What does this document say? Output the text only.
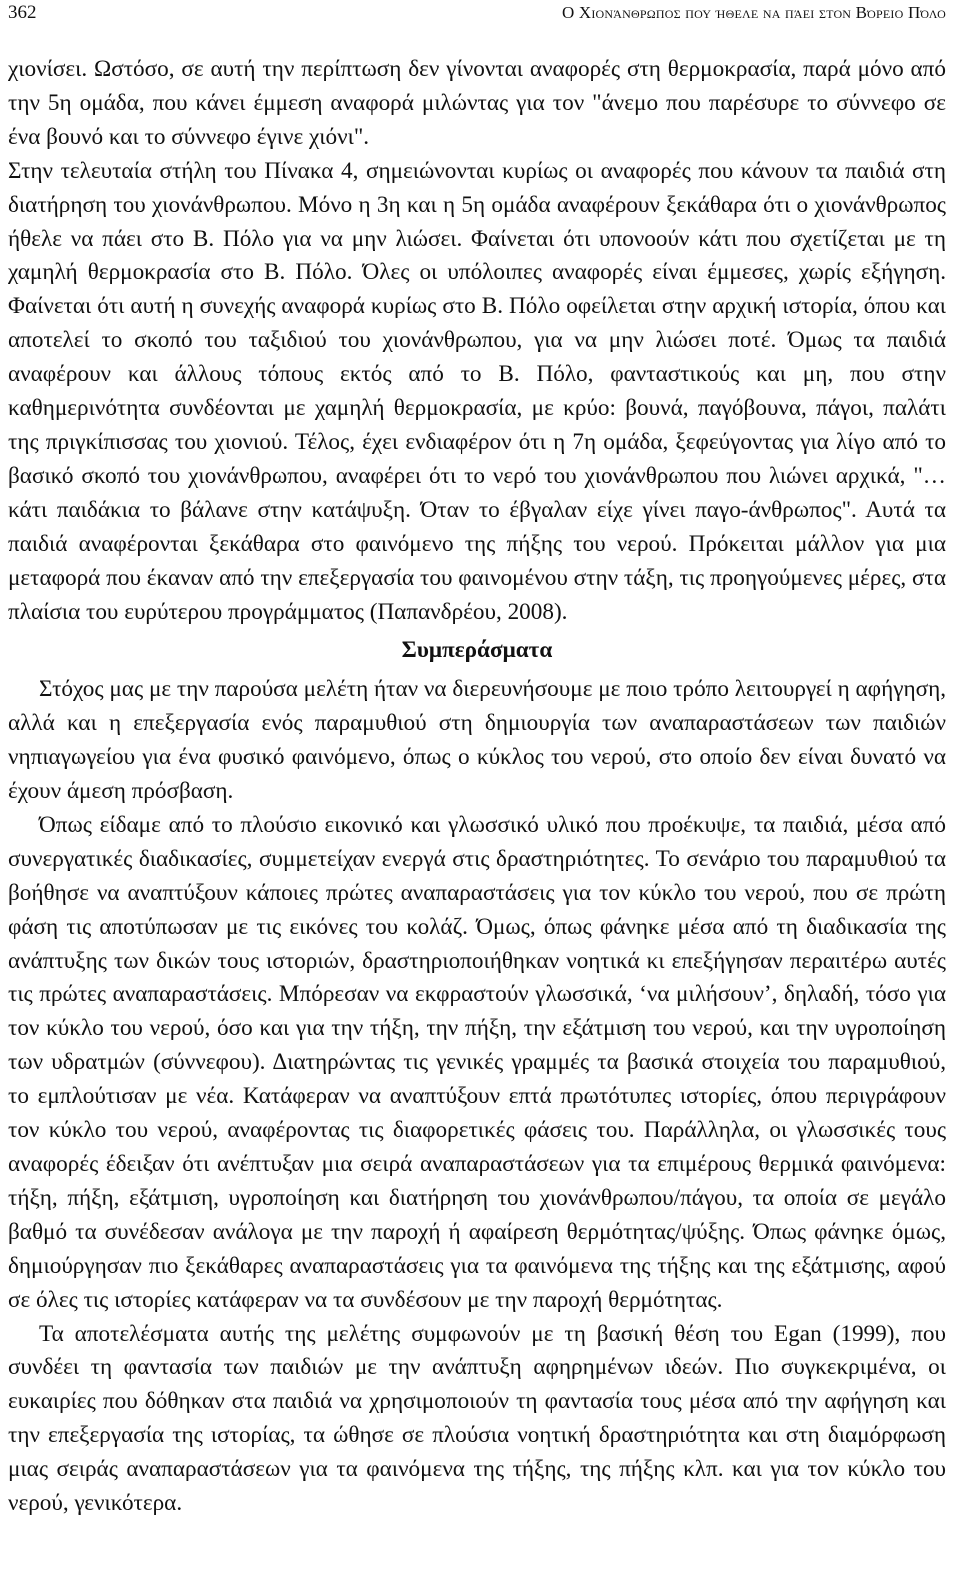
362	Ο Χιονάνθρωπος που ήθελε να πάει στον Βόρειο Πόλο

χιονίσει. Ωστόσο, σε αυτή την περίπτωση δεν γίνονται αναφορές στη θερμοκρασία, παρά μόνο από την 5η ομάδα, που κάνει έμμεση αναφορά μιλώντας για τον "άνεμο που παρέσυρε το σύννεφο σε ένα βουνό και το σύννεφο έγινε χιόνι".

Στην τελευταία στήλη του Πίνακα 4, σημειώνονται κυρίως οι αναφορές που κάνουν τα παιδιά στη διατήρηση του χιονάνθρωπου. Μόνο η 3η και η 5η ομάδα αναφέρουν ξεκάθαρα ότι ο χιονάνθρωπος ήθελε να πάει στο Β. Πόλο για να μην λιώσει. Φαίνεται ότι υπονοούν κάτι που σχετίζεται με τη χαμηλή θερμοκρασία στο Β. Πόλο. Όλες οι υπόλοιπες αναφορές είναι έμμεσες, χωρίς εξήγηση. Φαίνεται ότι αυτή η συνεχής αναφορά κυρίως στο Β. Πόλο οφείλεται στην αρχική ιστορία, όπου και αποτελεί το σκοπό του ταξιδιού του χιονάνθρωπου, για να μην λιώσει ποτέ. Όμως τα παιδιά αναφέρουν και άλλους τόπους εκτός από το Β. Πόλο, φανταστικούς και μη, που στην καθημερινότητα συνδέονται με χαμηλή θερμοκρασία, με κρύο: βουνά, παγόβουνα, πάγοι, παλάτι της πριγκίπισσας του χιονιού. Τέλος, έχει ενδιαφέρον ότι η 7η ομάδα, ξεφεύγοντας για λίγο από το βασικό σκοπό του χιονάνθρωπου, αναφέρει ότι το νερό του χιονάνθρωπου που λιώνει αρχικά, "…κάτι παιδάκια το βάλανε στην κατάψυξη. Όταν το έβγαλαν είχε γίνει παγο-άνθρωπος". Αυτά τα παιδιά αναφέρονται ξεκάθαρα στο φαινόμενο της πήξης του νερού. Πρόκειται μάλλον για μια μεταφορά που έκαναν από την επεξεργασία του φαινομένου στην τάξη, τις προηγούμενες μέρες, στα πλαίσια του ευρύτερου προγράμματος (Παπανδρέου, 2008).

Συμπεράσματα

Στόχος μας με την παρούσα μελέτη ήταν να διερευνήσουμε με ποιο τρόπο λειτουργεί η αφήγηση, αλλά και η επεξεργασία ενός παραμυθιού στη δημιουργία των αναπαραστάσεων των παιδιών νηπιαγωγείου για ένα φυσικό φαινόμενο, όπως ο κύκλος του νερού, στο οποίο δεν είναι δυνατό να έχουν άμεση πρόσβαση.

Όπως είδαμε από το πλούσιο εικονικό και γλωσσικό υλικό που προέκυψε, τα παιδιά, μέσα από συνεργατικές διαδικασίες, συμμετείχαν ενεργά στις δραστηριότητες. Το σενάριο του παραμυθιού τα βοήθησε να αναπτύξουν κάποιες πρώτες αναπαραστάσεις για τον κύκλο του νερού, που σε πρώτη φάση τις αποτύπωσαν με τις εικόνες του κολάζ. Όμως, όπως φάνηκε μέσα από τη διαδικασία της ανάπτυξης των δικών τους ιστοριών, δραστηριοποιήθηκαν νοητικά κι επεξήγησαν περαιτέρω αυτές τις πρώτες αναπαραστάσεις. Μπόρεσαν να εκφραστούν γλωσσικά, ‘να μιλήσουν’, δηλαδή, τόσο για τον κύκλο του νερού, όσο και για την τήξη, την πήξη, την εξάτμιση του νερού, και την υγροποίηση των υδρατμών (σύννεφου). Διατηρώντας τις γενικές γραμμές τα βασικά στοιχεία του παραμυθιού, το εμπλούτισαν με νέα. Κατάφεραν να αναπτύξουν επτά πρωτότυπες ιστορίες, όπου περιγράφουν τον κύκλο του νερού, αναφέροντας τις διαφορετικές φάσεις του. Παράλληλα, οι γλωσσικές τους αναφορές έδειξαν ότι ανέπτυξαν μια σειρά αναπαραστάσεων για τα επιμέρους θερμικά φαινόμενα: τήξη, πήξη, εξάτμιση, υγροποίηση και διατήρηση του χιονάνθρωπου/πάγου, τα οποία σε μεγάλο βαθμό τα συνέδεσαν ανάλογα με την παροχή ή αφαίρεση θερμότητας/ψύξης. Όπως φάνηκε όμως, δημιούργησαν πιο ξεκάθαρες αναπαραστάσεις για τα φαινόμενα της τήξης και της εξάτμισης, αφού σε όλες τις ιστορίες κατάφεραν να τα συνδέσουν με την παροχή θερμότητας.

Τα αποτελέσματα αυτής της μελέτης συμφωνούν με τη βασική θέση του Egan (1999), που συνδέει τη φαντασία των παιδιών με την ανάπτυξη αφηρημένων ιδεών. Πιο συγκεκριμένα, οι ευκαιρίες που δόθηκαν στα παιδιά να χρησιμοποιούν τη φαντασία τους μέσα από την αφήγηση και την επεξεργασία της ιστορίας, τα ώθησε σε πλούσια νοητική δραστηριότητα και στη διαμόρφωση μιας σειράς αναπαραστάσεων για τα φαινόμενα της τήξης, της πήξης κλπ. και για τον κύκλο του νερού, γενικότερα.
